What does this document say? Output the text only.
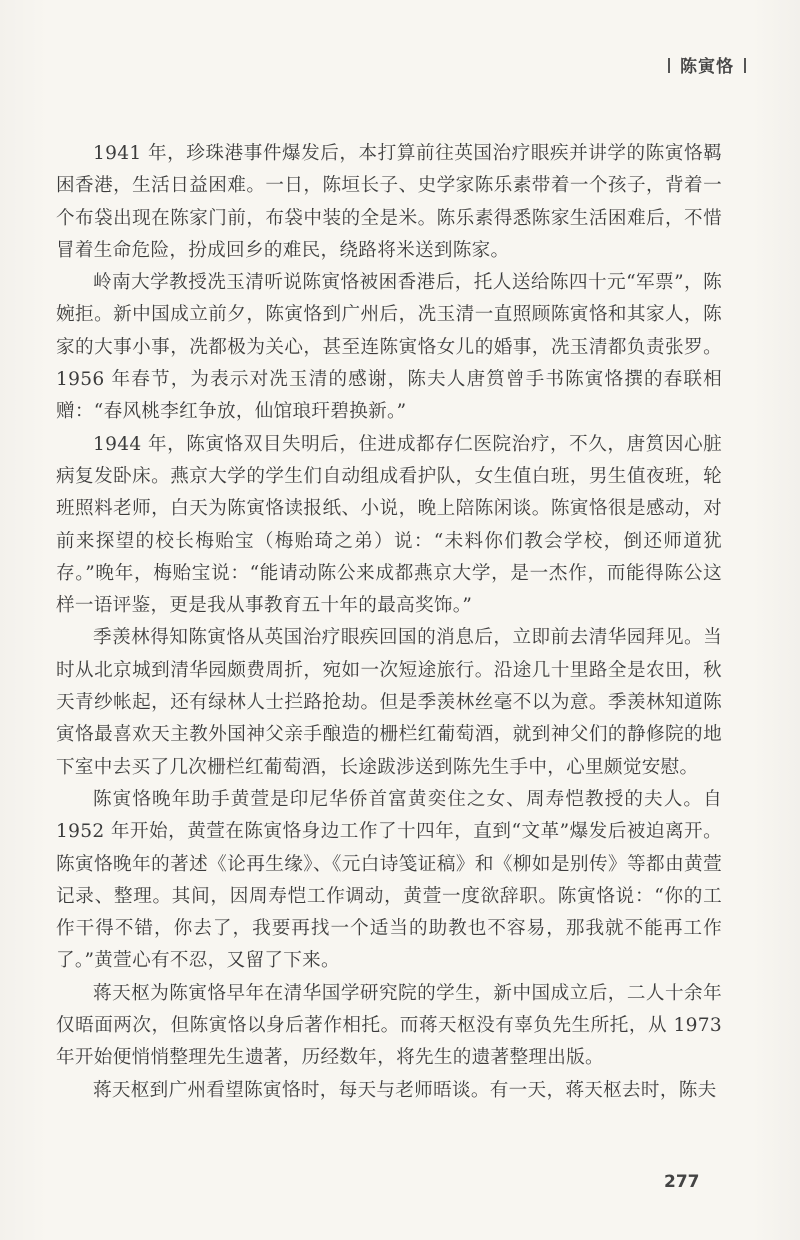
陈寅恪

1941 年，珍珠港事件爆发后，本打算前往英国治疗眼疾并讲学的陈寅恪羁困香港，生活日益困难。一日，陈垣长子、史学家陈乐素带着一个孩子，背着一个布袋出现在陈家门前，布袋中装的全是米。陈乐素得悉陈家生活困难后，不惜冒着生命危险，扮成回乡的难民，绕路将米送到陈家。

岭南大学教授冼玉清听说陈寅恪被困香港后，托人送给陈四十元“军票”，陈婉拒。新中国成立前夕，陈寅恪到广州后，冼玉清一直照顾陈寅恪和其家人，陈家的大事小事，冼都极为关心，甚至连陈寅恪女儿的婚事，冼玉清都负责张罗。1956 年春节，为表示对冼玉清的感谢，陈夫人唐筼曾手书陈寅恪撰的春联相赠：“春风桃李红争放，仙馆琅玕碧换新。”

1944 年，陈寅恪双目失明后，住进成都存仁医院治疗，不久，唐筼因心脏病复发卧床。燕京大学的学生们自动组成看护队，女生值白班，男生值夜班，轮班照料老师，白天为陈寅恪读报纸、小说，晚上陪陈闲谈。陈寅恪很是感动，对前来探望的校长梅贻宝（梅贻琦之弟）说：“未料你们教会学校，倒还师道犹存。”晚年，梅贻宝说：“能请动陈公来成都燕京大学，是一杰作，而能得陈公这样一语评鉴，更是我从事教育五十年的最高奖饰。”

季羡林得知陈寅恪从英国治疗眼疾回国的消息后，立即前去清华园拜见。当时从北京城到清华园颇费周折，宛如一次短途旅行。沿途几十里路全是农田，秋天青纱帐起，还有绿林人士拦路抢劫。但是季羡林丝毫不以为意。季羡林知道陈寅恪最喜欢天主教外国神父亲手酿造的栅栏红葡萄酒，就到神父们的静修院的地下室中去买了几次栅栏红葡萄酒，长途跋涉送到陈先生手中，心里颇觉安慰。

陈寅恪晚年助手黄萱是印尼华侨首富黄奕住之女、周寿恺教授的夫人。自 1952 年开始，黄萱在陈寅恪身边工作了十四年，直到“文革”爆发后被迫离开。陈寅恪晚年的著述《论再生缘》、《元白诗笺证稿》和《柳如是别传》等都由黄萱记录、整理。其间，因周寿恺工作调动，黄萱一度欲辞职。陈寅恪说：“你的工作干得不错，你去了，我要再找一个适当的助教也不容易，那我就不能再工作了。”黄萱心有不忍，又留了下来。

蒋天枢为陈寅恪早年在清华国学研究院的学生，新中国成立后，二人十余年仅晤面两次，但陈寅恪以身后著作相托。而蒋天枢没有辜负先生所托，从 1973 年开始便悄悄整理先生遗著，历经数年，将先生的遗著整理出版。

蒋天枢到广州看望陈寅恪时，每天与老师晤谈。有一天，蒋天枢去时，陈夫

277
